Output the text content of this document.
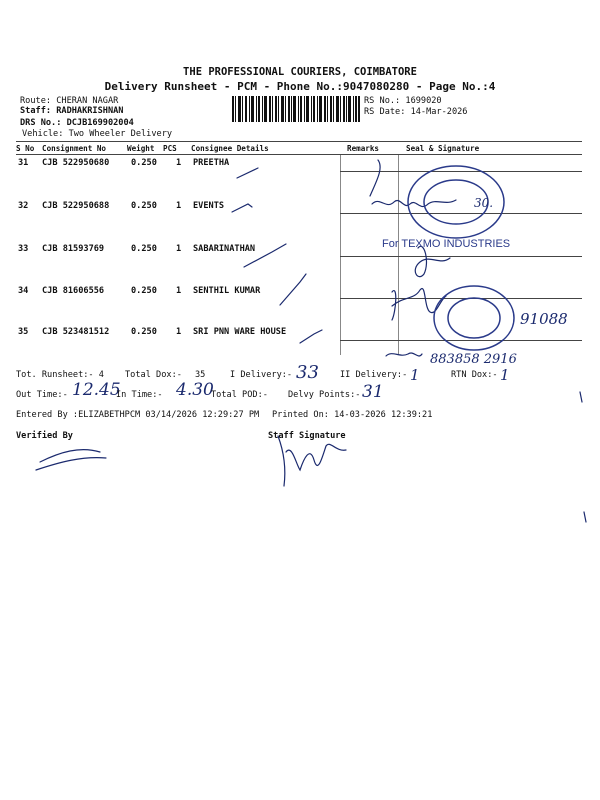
THE PROFESSIONAL COURIERS, COIMBATORE
Delivery Runsheet - PCM - Phone No.:9047080280 - Page No.:4
Route: CHERAN NAGAR
Staff: RADHAKRISHNAN
DRS No.: DCJB169902004
Vehicle: Two Wheeler Delivery
RS No.: 1699020
RS Date: 14-Mar-2026
S No Consignment No	Weight PCS Consignee Details	Remarks	Seal & Signature
31 CJB 522950680	0.250 1 PREETHA
32 CJB 522950688	0.250 1 EVENTS
33 CJB 81593769	0.250 1 SABARINATHAN
34 CJB 81606556	0.250 1 SENTHIL KUMAR
35 CJB 523481512	0.250 1 SRI PNN WARE HOUSE
For TEXMO INDUSTRIES
30.
91088
883858 2916
Tot. Runsheet:- 4 Total Dox:- 35	I Delivery:- 33 II Delivery:- 1	RTN Dox:- 1
Out Time:- 12.45
In Time:- 4.30
Total POD:- Delvy Points:- 31
Entered By :ELIZABETHPCM 03/14/2026 12:29:27 PM Printed On: 14-03-2026 12:39:21
Verified By	Staff Signature
